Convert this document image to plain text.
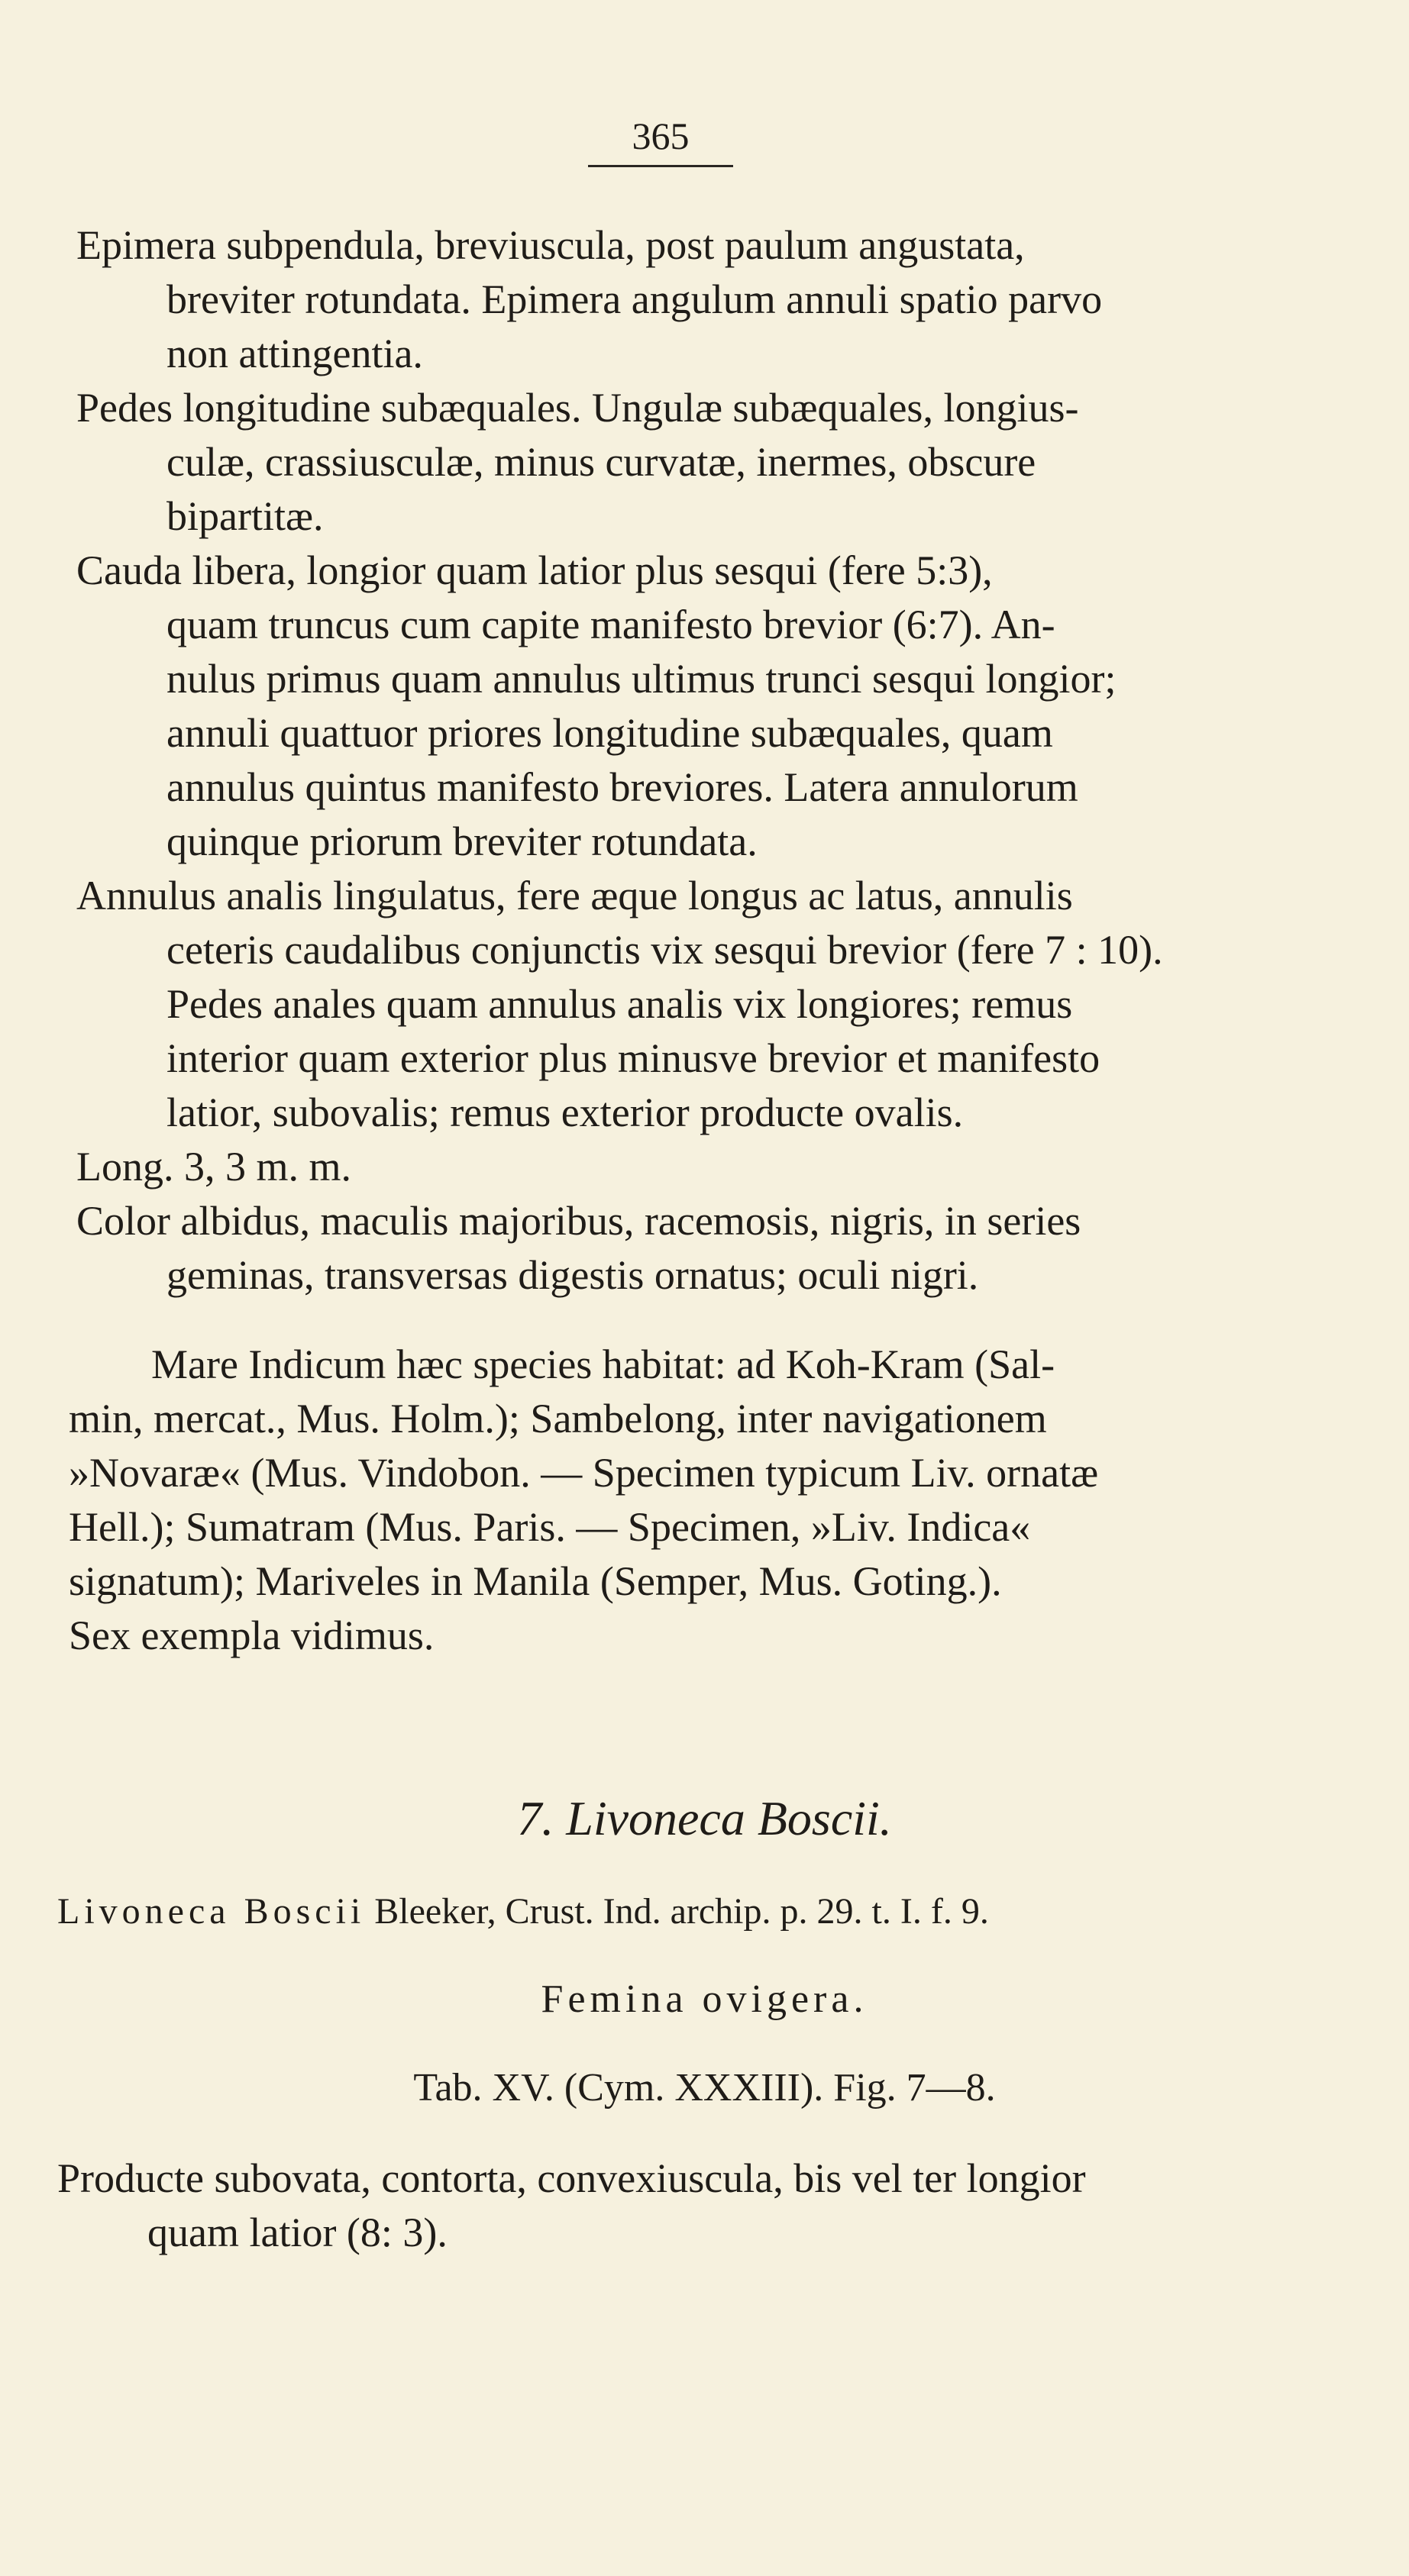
365
Epimera subpendula, breviuscula, post paulum angustata,
breviter rotundata. Epimera angulum annuli spatio parvo
non attingentia.
Pedes longitudine subæquales. Ungulæ subæquales, longius-
culæ, crassiusculæ, minus curvatæ, inermes, obscure
bipartitæ.
Cauda libera, longior quam latior plus sesqui (fere 5:3),
quam truncus cum capite manifesto brevior (6:7). An-
nulus primus quam annulus ultimus trunci sesqui longior;
annuli quattuor priores longitudine subæquales, quam
annulus quintus manifesto breviores. Latera annulorum
quinque priorum breviter rotundata.
Annulus analis lingulatus, fere æque longus ac latus, annulis
ceteris caudalibus conjunctis vix sesqui brevior (fere 7 : 10).
Pedes anales quam annulus analis vix longiores; remus
interior quam exterior plus minusve brevior et manifesto
latior, subovalis; remus exterior producte ovalis.
Long. 3, 3 m. m.
Color albidus, maculis majoribus, racemosis, nigris, in series
geminas, transversas digestis ornatus; oculi nigri.
Mare Indicum hæc species habitat: ad Koh-Kram (Sal-
min, mercat., Mus. Holm.); Sambelong, inter navigationem
»Novaræ« (Mus. Vindobon. — Specimen typicum Liv. ornatæ
Hell.); Sumatram (Mus. Paris. — Specimen, »Liv. Indica«
signatum); Mariveles in Manila (Semper, Mus. Goting.).
Sex exempla vidimus.
7. Livoneca Boscii.
Livoneca Boscii Bleeker, Crust. Ind. archip. p. 29. t. I. f. 9.
Femina ovigera.
Tab. XV. (Cym. XXXIII). Fig. 7—8.
Producte subovata, contorta, convexiuscula, bis vel ter longior
quam latior (8: 3).
